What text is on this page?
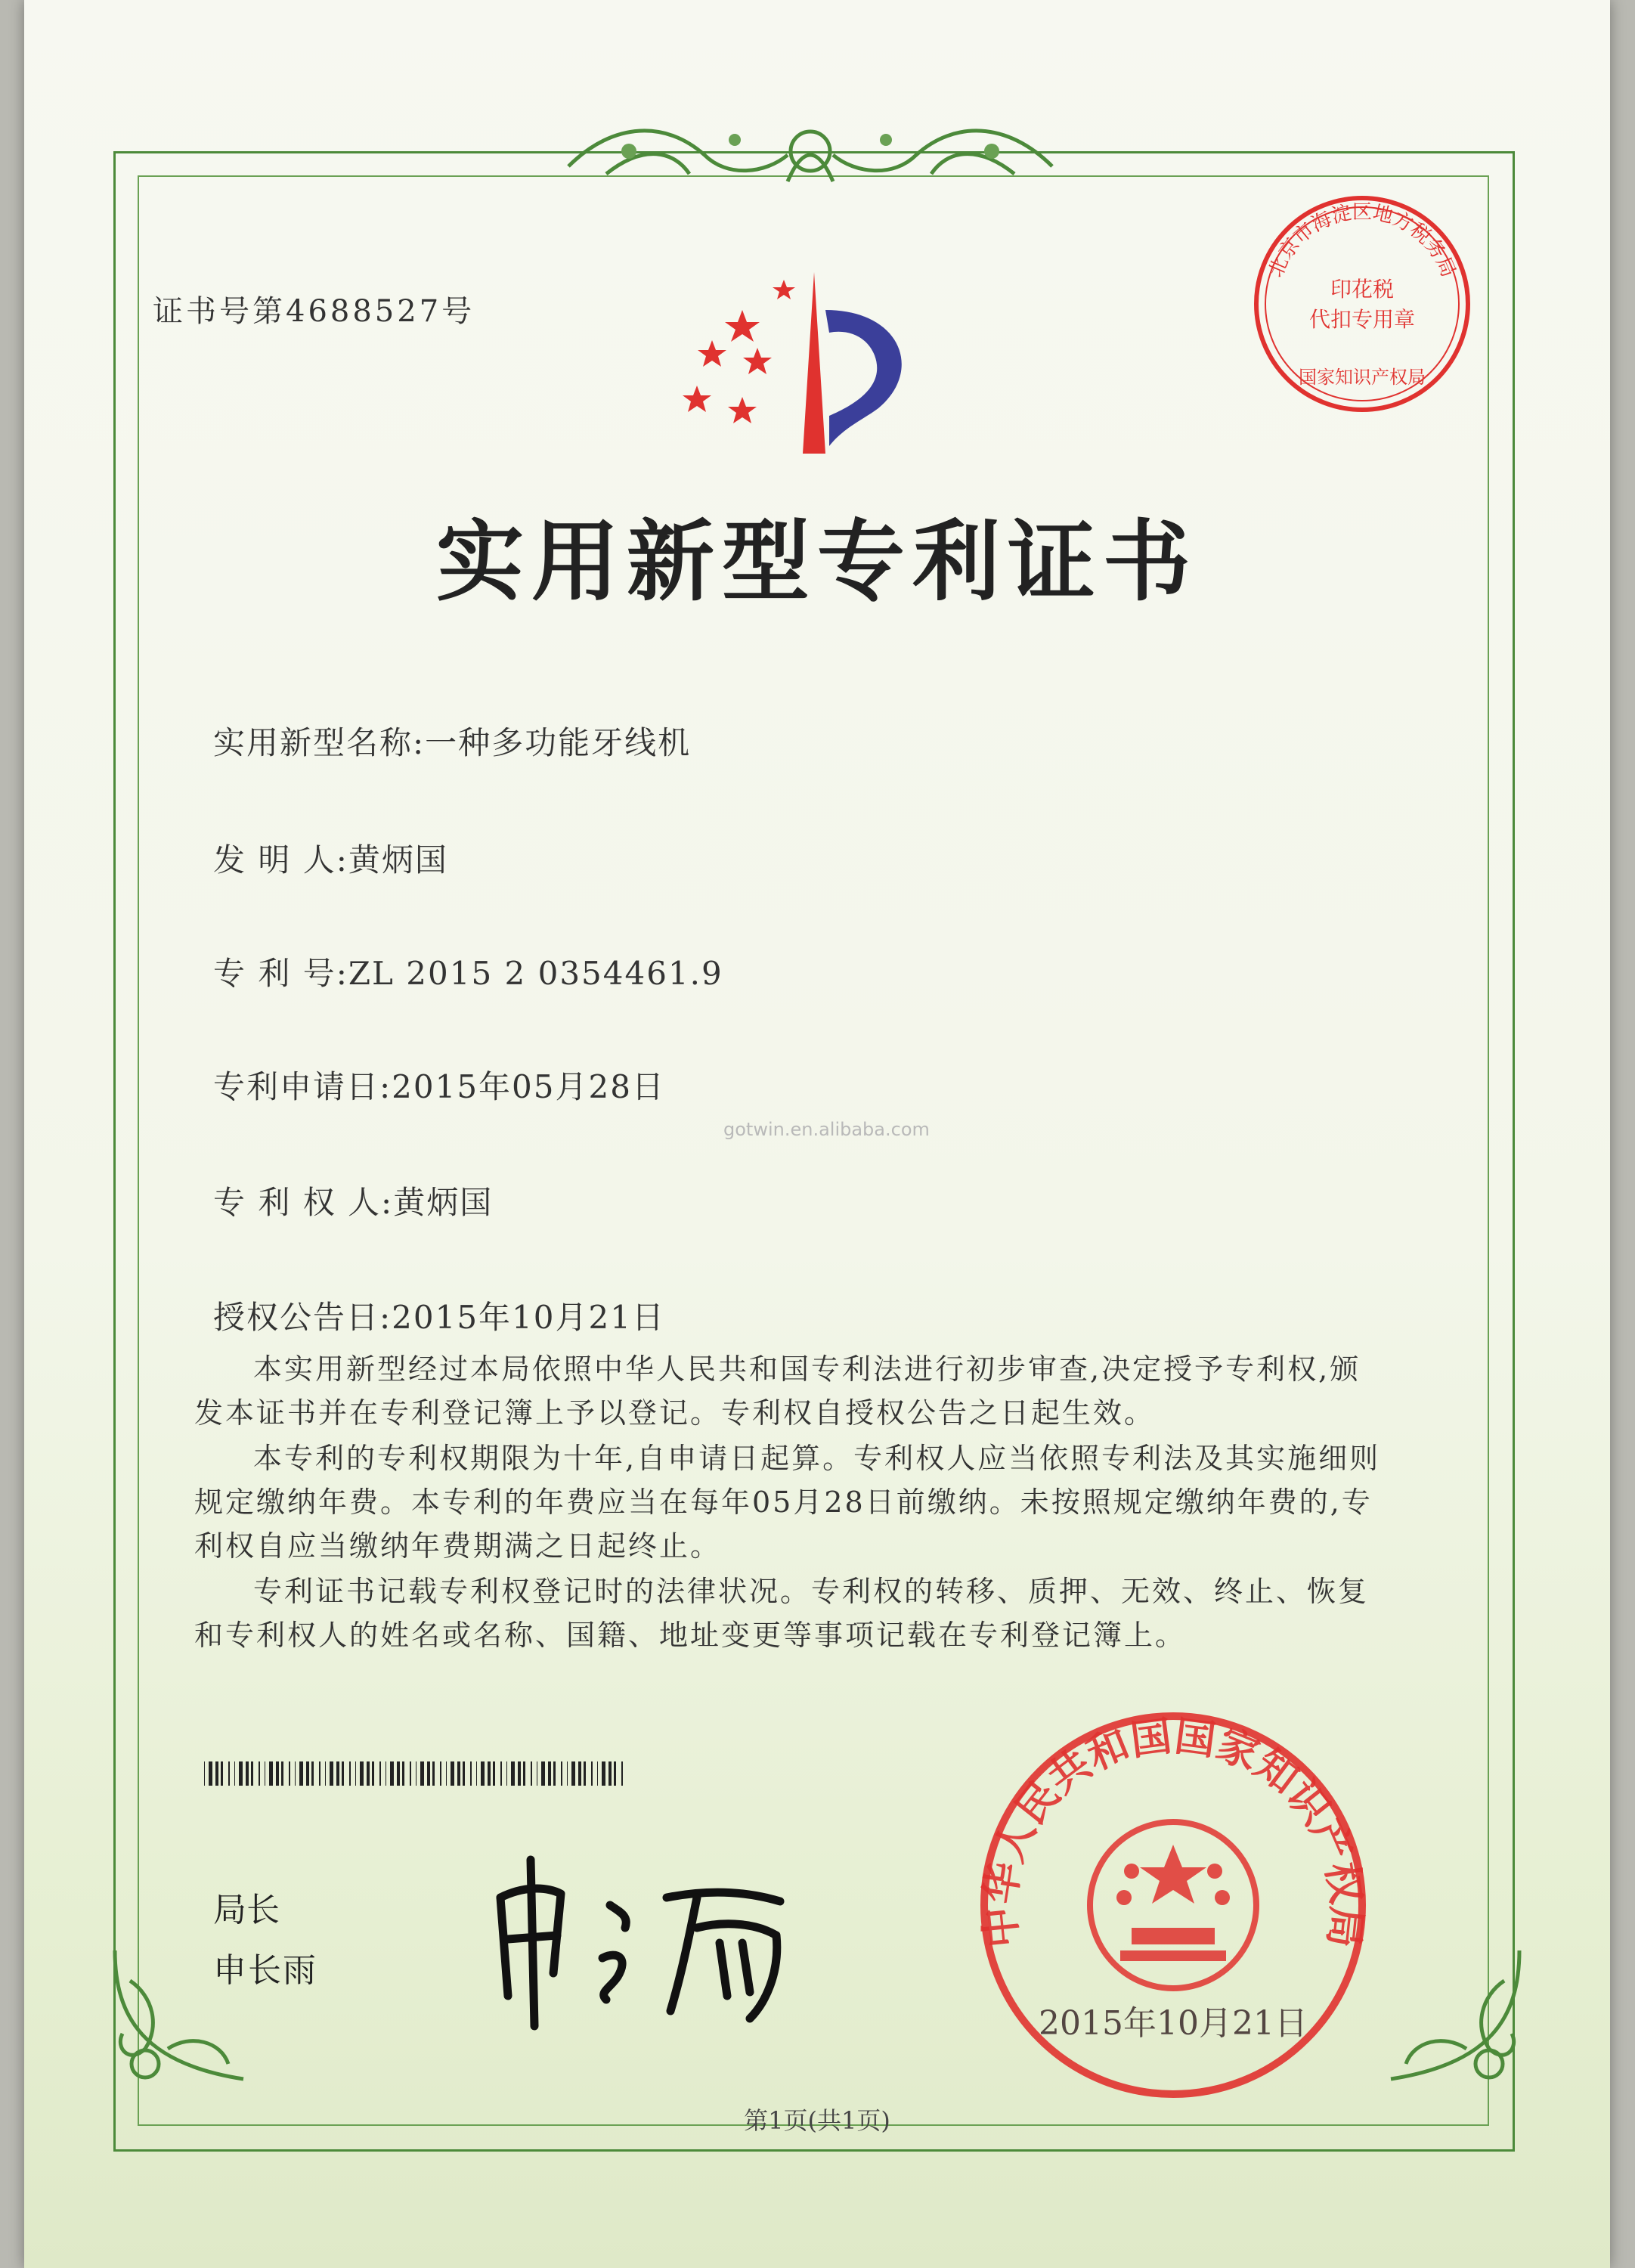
证书号第4688527号
北京市海淀区地方税务局
印花税
代扣专用章
国家知识产权局
实用新型专利证书
实用新型名称:一种多功能牙线机
发 明 人:黄炳国
专 利 号:ZL 2015 2 0354461.9
专利申请日:2015年05月28日
专 利 权 人:黄炳国
授权公告日:2015年10月21日
gotwin.en.alibaba.com

本实用新型经过本局依照中华人民共和国专利法进行初步审查,决定授予专利权,颁发本证书并在专利登记簿上予以登记。专利权自授权公告之日起生效。

本专利的专利权期限为十年,自申请日起算。专利权人应当依照专利法及其实施细则规定缴纳年费。本专利的年费应当在每年05月28日前缴纳。未按照规定缴纳年费的,专利权自应当缴纳年费期满之日起终止。

专利证书记载专利权登记时的法律状况。专利权的转移、质押、无效、终止、恢复和专利权人的姓名或名称、国籍、地址变更等事项记载在专利登记簿上。

局长
申长雨
中华人民共和国国家知识产权局
2015年10月21日
第1页(共1页)
